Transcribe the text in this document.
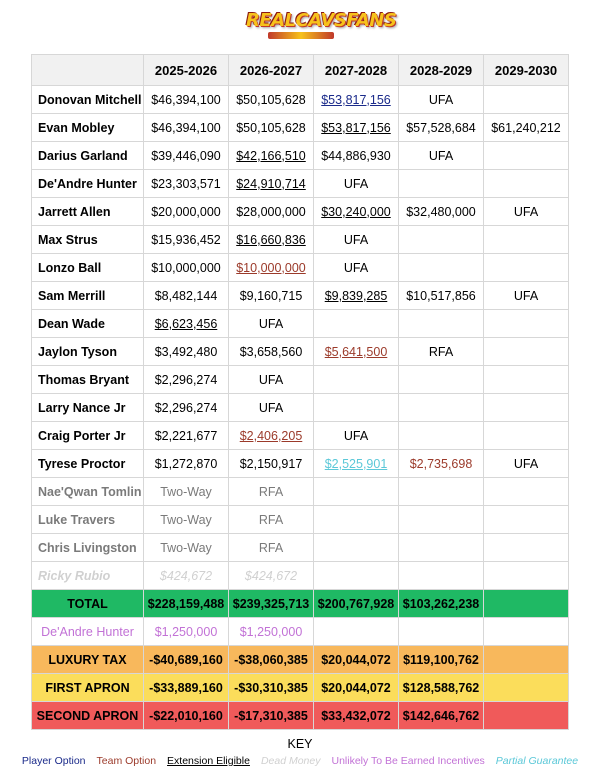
REALCAVSFANS
	2025-2026	2026-2027	2027-2028	2028-2029	2029-2030
Donovan Mitchell	$46,394,100	$50,105,628	$53,817,156	UFA	
Evan Mobley	$46,394,100	$50,105,628	$53,817,156	$57,528,684	$61,240,212
Darius Garland	$39,446,090	$42,166,510	$44,886,930	UFA	
De'Andre Hunter	$23,303,571	$24,910,714	UFA		
Jarrett Allen	$20,000,000	$28,000,000	$30,240,000	$32,480,000	UFA
Max Strus	$15,936,452	$16,660,836	UFA		
Lonzo Ball	$10,000,000	$10,000,000	UFA		
Sam Merrill	$8,482,144	$9,160,715	$9,839,285	$10,517,856	UFA
Dean Wade	$6,623,456	UFA			
Jaylon Tyson	$3,492,480	$3,658,560	$5,641,500	RFA	
Thomas Bryant	$2,296,274	UFA			
Larry Nance Jr	$2,296,274	UFA			
Craig Porter Jr	$2,221,677	$2,406,205	UFA		
Tyrese Proctor	$1,272,870	$2,150,917	$2,525,901	$2,735,698	UFA
Nae'Qwan Tomlin	Two-Way	RFA			
Luke Travers	Two-Way	RFA			
Chris Livingston	Two-Way	RFA			
Ricky Rubio	$424,672	$424,672			
TOTAL	$228,159,488	$239,325,713	$200,767,928	$103,262,238	
De'Andre Hunter	$1,250,000	$1,250,000			
LUXURY TAX	-$40,689,160	-$38,060,385	$20,044,072	$119,100,762	
FIRST APRON	-$33,889,160	-$30,310,385	$20,044,072	$128,588,762	
SECOND APRON	-$22,010,160	-$17,310,385	$33,432,072	$142,646,762	
KEY
Player Option Team Option Extension Eligible Dead Money Unlikely To Be Earned Incentives Partial Guarantee
